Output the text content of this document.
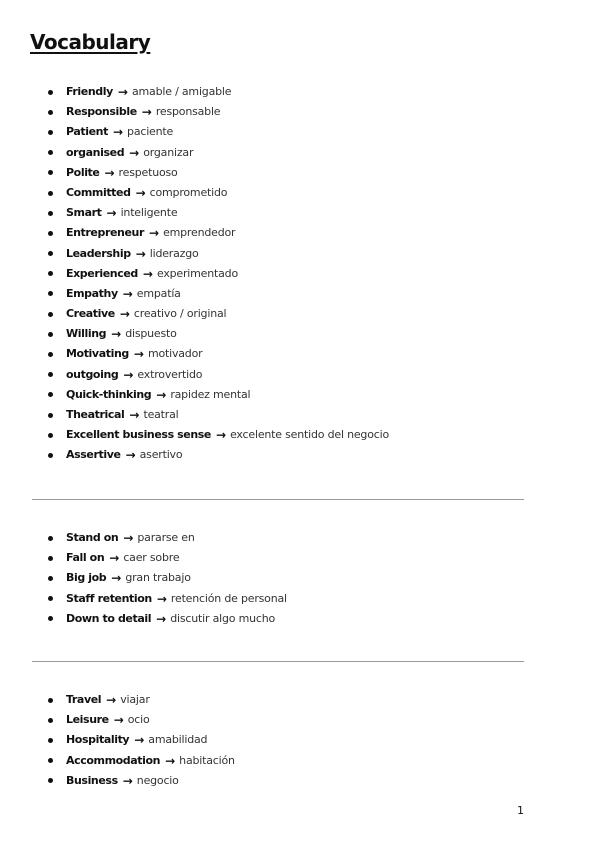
Vocabulary
Friendly → amable / amigable
Responsible → responsable
Patient → paciente
organised → organizar
Polite → respetuoso
Committed → comprometido
Smart → inteligente
Entrepreneur → emprendedor
Leadership → liderazgo
Experienced → experimentado
Empathy → empatía
Creative → creativo / original
Willing → dispuesto
Motivating → motivador
outgoing → extrovertido
Quick-thinking → rapidez mental
Theatrical → teatral
Excellent business sense → excelente sentido del negocio
Assertive → asertivo
Stand on → pararse en
Fall on → caer sobre
Big job → gran trabajo
Staff retention → retención de personal
Down to detail → discutir algo mucho
Travel → viajar
Leisure → ocio
Hospitality → amabilidad
Accommodation → habitación
Business → negocio
1
